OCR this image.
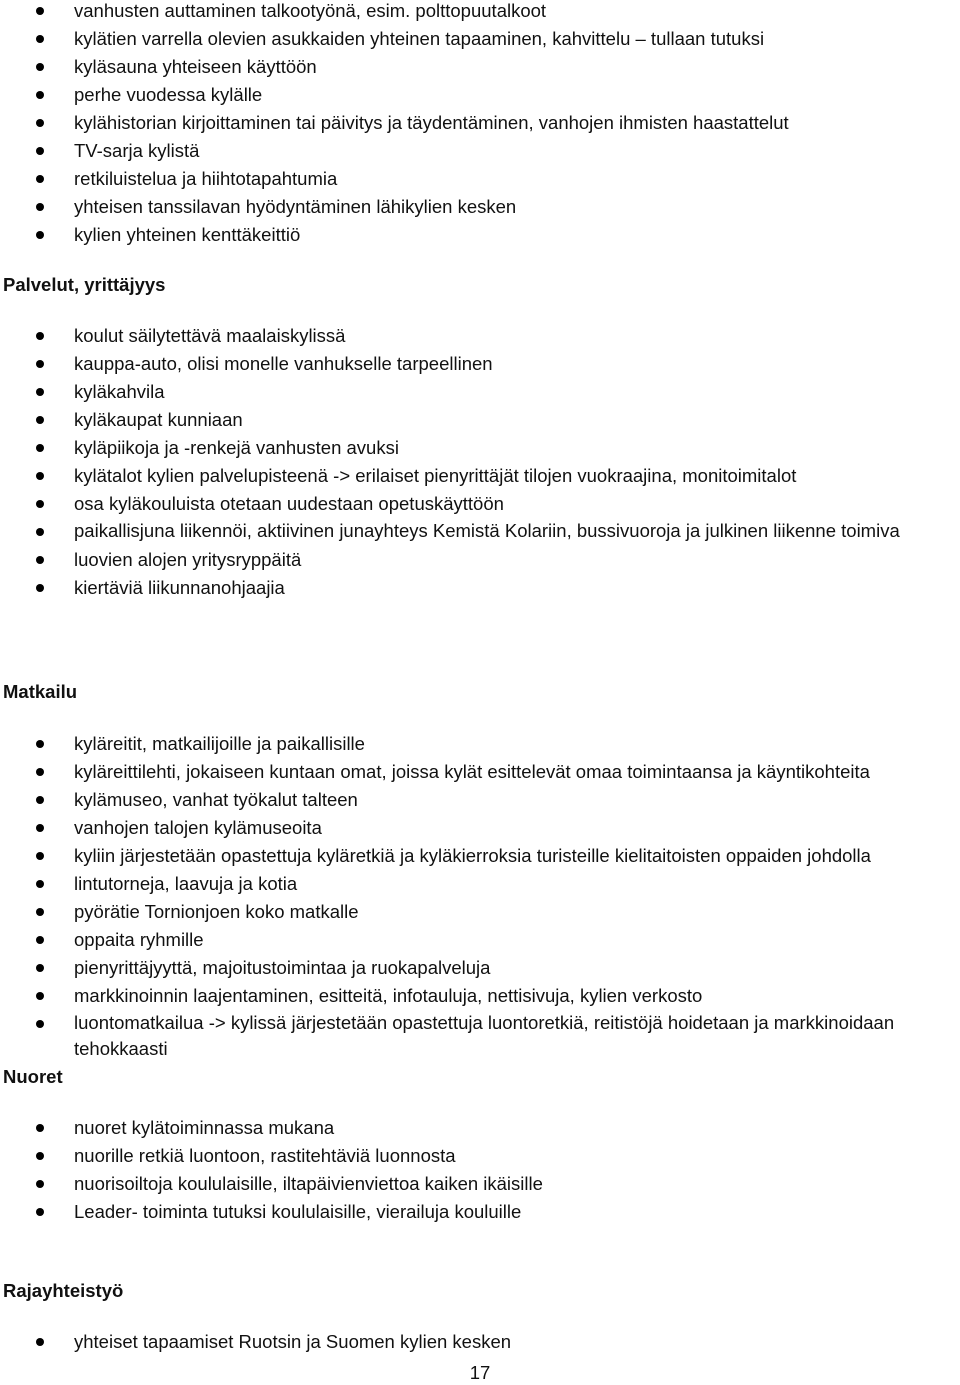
vanhusten auttaminen talkootyönä, esim. polttopuutalkoot
kylätien varrella olevien asukkaiden yhteinen tapaaminen, kahvittelu – tullaan tutuksi
kyläsauna yhteiseen käyttöön
perhe vuodessa kylälle
kylähistorian kirjoittaminen tai päivitys ja täydentäminen, vanhojen ihmisten haastattelut
TV-sarja kylistä
retkiluistelua ja hiihtotapahtumia
yhteisen tanssilavan hyödyntäminen lähikylien kesken
kylien yhteinen kenttäkeittiö
Palvelut, yrittäjyys
koulut säilytettävä maalaiskylissä
kauppa-auto, olisi monelle vanhukselle tarpeellinen
kyläkahvila
kyläkaupat kunniaan
kyläpiikoja ja -renkejä vanhusten avuksi
kylätalot kylien palvelupisteenä -> erilaiset pienyrittäjät tilojen vuokraajina, monitoimitalot
osa kyläkouluista otetaan uudestaan opetuskäyttöön
paikallisjuna liikennöi, aktiivinen junayhteys Kemistä Kolariin, bussivuoroja ja julkinen liikenne toimiva
luovien alojen yritysryppäitä
kiertäviä liikunnanohjaajia
Matkailu
kyläreitit, matkailijoille ja paikallisille
kyläreittilehti, jokaiseen kuntaan omat, joissa kylät esittelevät omaa toimintaansa ja käyntikohteita
kylämuseo, vanhat työkalut talteen
vanhojen talojen kylämuseoita
kyliin järjestetään opastettuja kyläretkiä ja kyläkierroksia turisteille kielitaitoisten oppaiden johdolla
lintutorneja, laavuja ja kotia
pyörätie Tornionjoen koko matkalle
oppaita ryhmille
pienyrittäjyyttä, majoitustoimintaa ja ruokapalveluja
markkinoinnin laajentaminen, esitteitä, infotauluja, nettisivuja, kylien verkosto
luontomatkailua -> kylissä järjestetään opastettuja luontoretkiä, reitistöjä hoidetaan ja markkinoidaan tehokkaasti
Nuoret
nuoret kylätoiminnassa mukana
nuorille retkiä luontoon, rastitehtäviä luonnosta
nuorisoiltoja koululaisille, iltapäivienviettoa kaiken ikäisille
Leader- toiminta tutuksi koululaisille, vierailuja kouluille
Rajayhteistyö
yhteiset tapaamiset Ruotsin ja Suomen kylien kesken
17
